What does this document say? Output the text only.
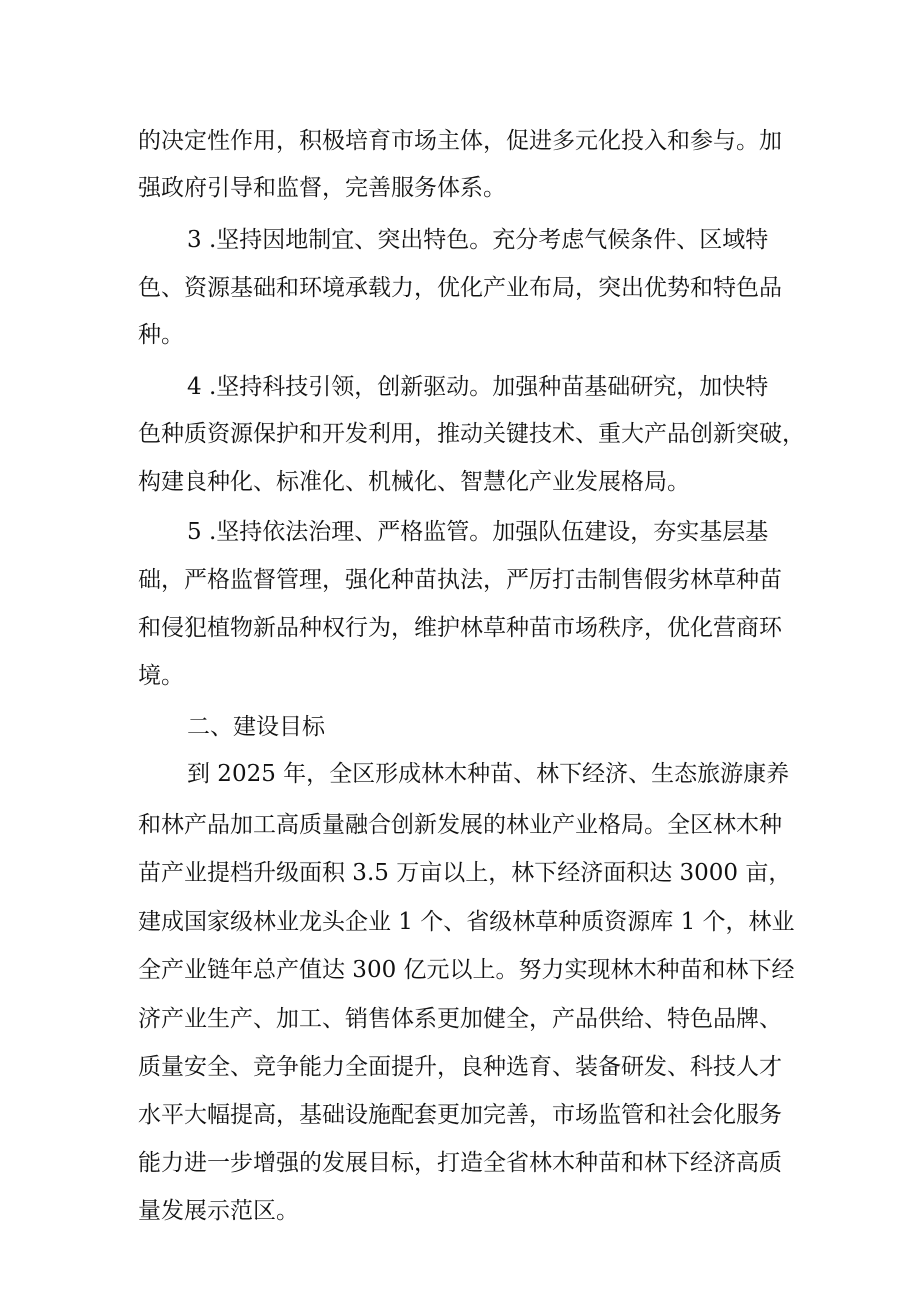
的决定性作用，积极培育市场主体，促进多元化投入和参与。加
强政府引导和监督，完善服务体系。
3 .坚持因地制宜、突出特色。充分考虑气候条件、区域特
色、资源基础和环境承载力，优化产业布局，突出优势和特色品
种。
4 .坚持科技引领，创新驱动。加强种苗基础研究，加快特
色种质资源保护和开发利用，推动关键技术、重大产品创新突破，
构建良种化、标准化、机械化、智慧化产业发展格局。
5 .坚持依法治理、严格监管。加强队伍建设，夯实基层基
础，严格监督管理，强化种苗执法，严厉打击制售假劣林草种苗
和侵犯植物新品种权行为，维护林草种苗市场秩序，优化营商环
境。
二、建设目标
到 2025 年，全区形成林木种苗、林下经济、生态旅游康养
和林产品加工高质量融合创新发展的林业产业格局。全区林木种
苗产业提档升级面积 3.5 万亩以上，林下经济面积达 3000 亩，
建成国家级林业龙头企业 1 个、省级林草种质资源库 1 个，林业
全产业链年总产值达 300 亿元以上。努力实现林木种苗和林下经
济产业生产、加工、销售体系更加健全，产品供给、特色品牌、
质量安全、竞争能力全面提升，良种选育、装备研发、科技人才
水平大幅提高，基础设施配套更加完善，市场监管和社会化服务
能力进一步增强的发展目标，打造全省林木种苗和林下经济高质
量发展示范区。
